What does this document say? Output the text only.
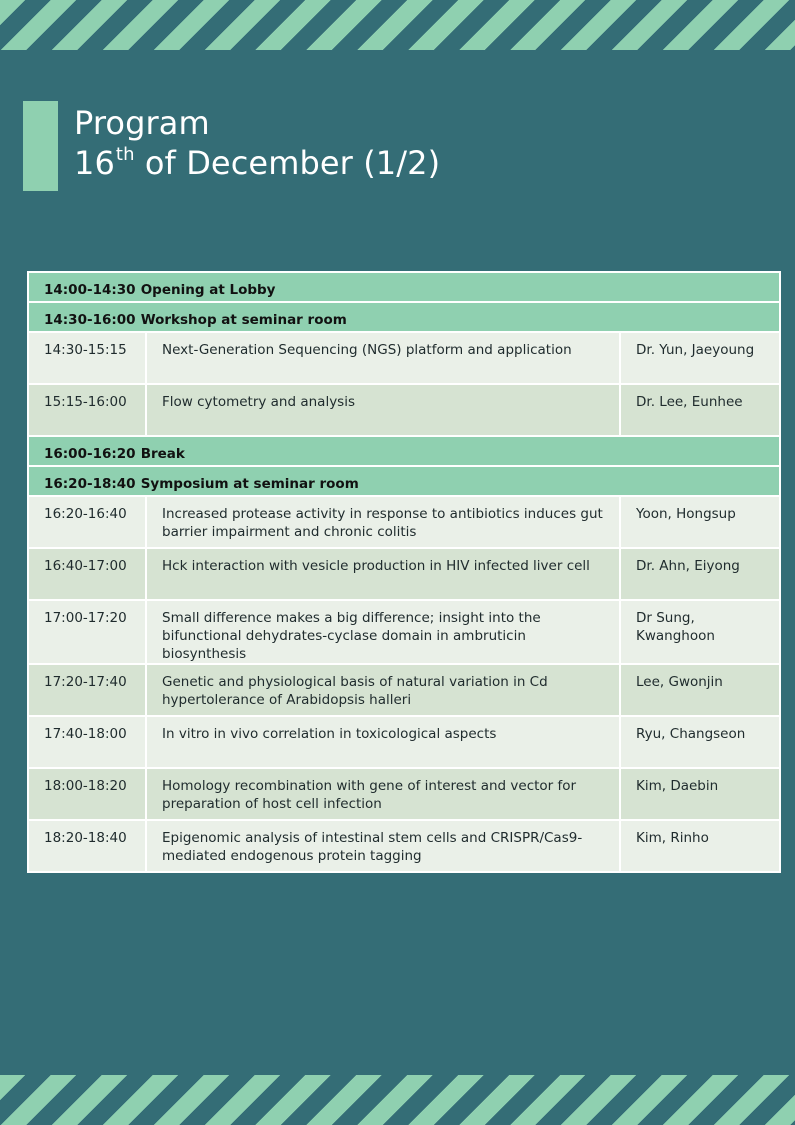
Program
16th of December (1/2)
14:00-14:30 Opening at Lobby		
14:30-16:00 Workshop at seminar room		
14:30-15:15	Next-Generation Sequencing (NGS) platform and application	Dr. Yun, Jaeyoung
15:15-16:00	Flow cytometry and analysis	Dr. Lee, Eunhee
16:00-16:20 Break		
16:20-18:40 Symposium at seminar room		
16:20-16:40	Increased protease activity in response to antibiotics induces gut barrier impairment and chronic colitis	Yoon, Hongsup
16:40-17:00	Hck interaction with vesicle production in HIV infected liver cell	Dr. Ahn, Eiyong
17:00-17:20	Small difference makes a big difference; insight into the bifunctional dehydrates-cyclase domain in ambruticin biosynthesis	Dr Sung, Kwanghoon
17:20-17:40	Genetic and physiological basis of natural variation in Cd hypertolerance of Arabidopsis halleri	Lee, Gwonjin
17:40-18:00	In vitro in vivo correlation in toxicological aspects	Ryu, Changseon
18:00-18:20	Homology recombination with gene of interest and vector for preparation of host cell infection	Kim, Daebin
18:20-18:40	Epigenomic analysis of intestinal stem cells and CRISPR/Cas9-mediated endogenous protein tagging	Kim, Rinho
